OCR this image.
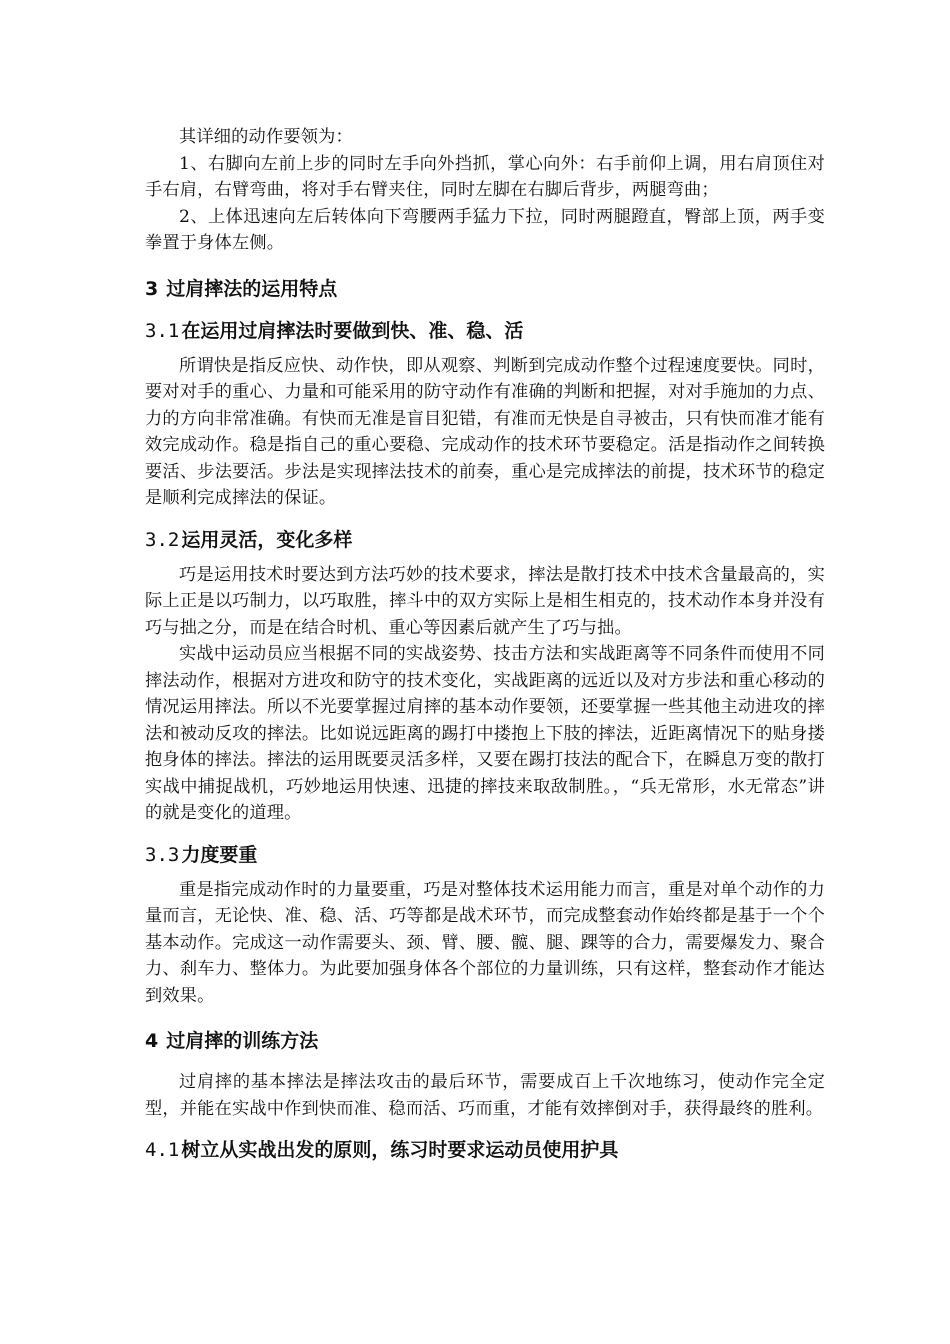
其详细的动作要领为：

1、右脚向左前上步的同时左手向外挡抓，掌心向外：右手前仰上调，用右肩顶住对手右肩，右臂弯曲，将对手右臂夹住，同时左脚在右脚后背步，两腿弯曲；

2、上体迅速向左后转体向下弯腰两手猛力下拉，同时两腿蹬直，臀部上顶，两手变拳置于身体左侧。

3 过肩摔法的运用特点
3.1 在运用过肩摔法时要做到快、准、稳、活

所谓快是指反应快、动作快，即从观察、判断到完成动作整个过程速度要快。同时，要对对手的重心、力量和可能采用的防守动作有准确的判断和把握，对对手施加的力点、力的方向非常准确。有快而无准是盲目犯错，有准而无快是自寻被击，只有快而准才能有效完成动作。稳是指自己的重心要稳、完成动作的技术环节要稳定。活是指动作之间转换要活、步法要活。步法是实现摔法技术的前奏，重心是完成摔法的前提，技术环节的稳定是顺利完成摔法的保证。

3.2 运用灵活，变化多样

巧是运用技术时要达到方法巧妙的技术要求，摔法是散打技术中技术含量最高的，实际上正是以巧制力，以巧取胜，摔斗中的双方实际上是相生相克的，技术动作本身并没有巧与拙之分，而是在结合时机、重心等因素后就产生了巧与拙。

实战中运动员应当根据不同的实战姿势、技击方法和实战距离等不同条件而使用不同摔法动作，根据对方进攻和防守的技术变化，实战距离的远近以及对方步法和重心移动的情况运用摔法。所以不光要掌握过肩摔的基本动作要领，还要掌握一些其他主动进攻的摔法和被动反攻的摔法。比如说远距离的踢打中搂抱上下肢的摔法，近距离情况下的贴身搂抱身体的摔法。摔法的运用既要灵活多样，又要在踢打技法的配合下，在瞬息万变的散打实战中捕捉战机，巧妙地运用快速、迅捷的摔技来取敌制胜。，“兵无常形，水无常态”讲的就是变化的道理。

3.3 力度要重

重是指完成动作时的力量要重，巧是对整体技术运用能力而言，重是对单个动作的力量而言，无论快、准、稳、活、巧等都是战术环节，而完成整套动作始终都是基于一个个基本动作。完成这一动作需要头、颈、臂、腰、髋、腿、踝等的合力，需要爆发力、聚合力、刹车力、整体力。为此要加强身体各个部位的力量训练，只有这样，整套动作才能达到效果。

4 过肩摔的训练方法

过肩摔的基本摔法是摔法攻击的最后环节，需要成百上千次地练习，使动作完全定型，并能在实战中作到快而准、稳而活、巧而重，才能有效摔倒对手，获得最终的胜利。

4.1 树立从实战出发的原则，练习时要求运动员使用护具
